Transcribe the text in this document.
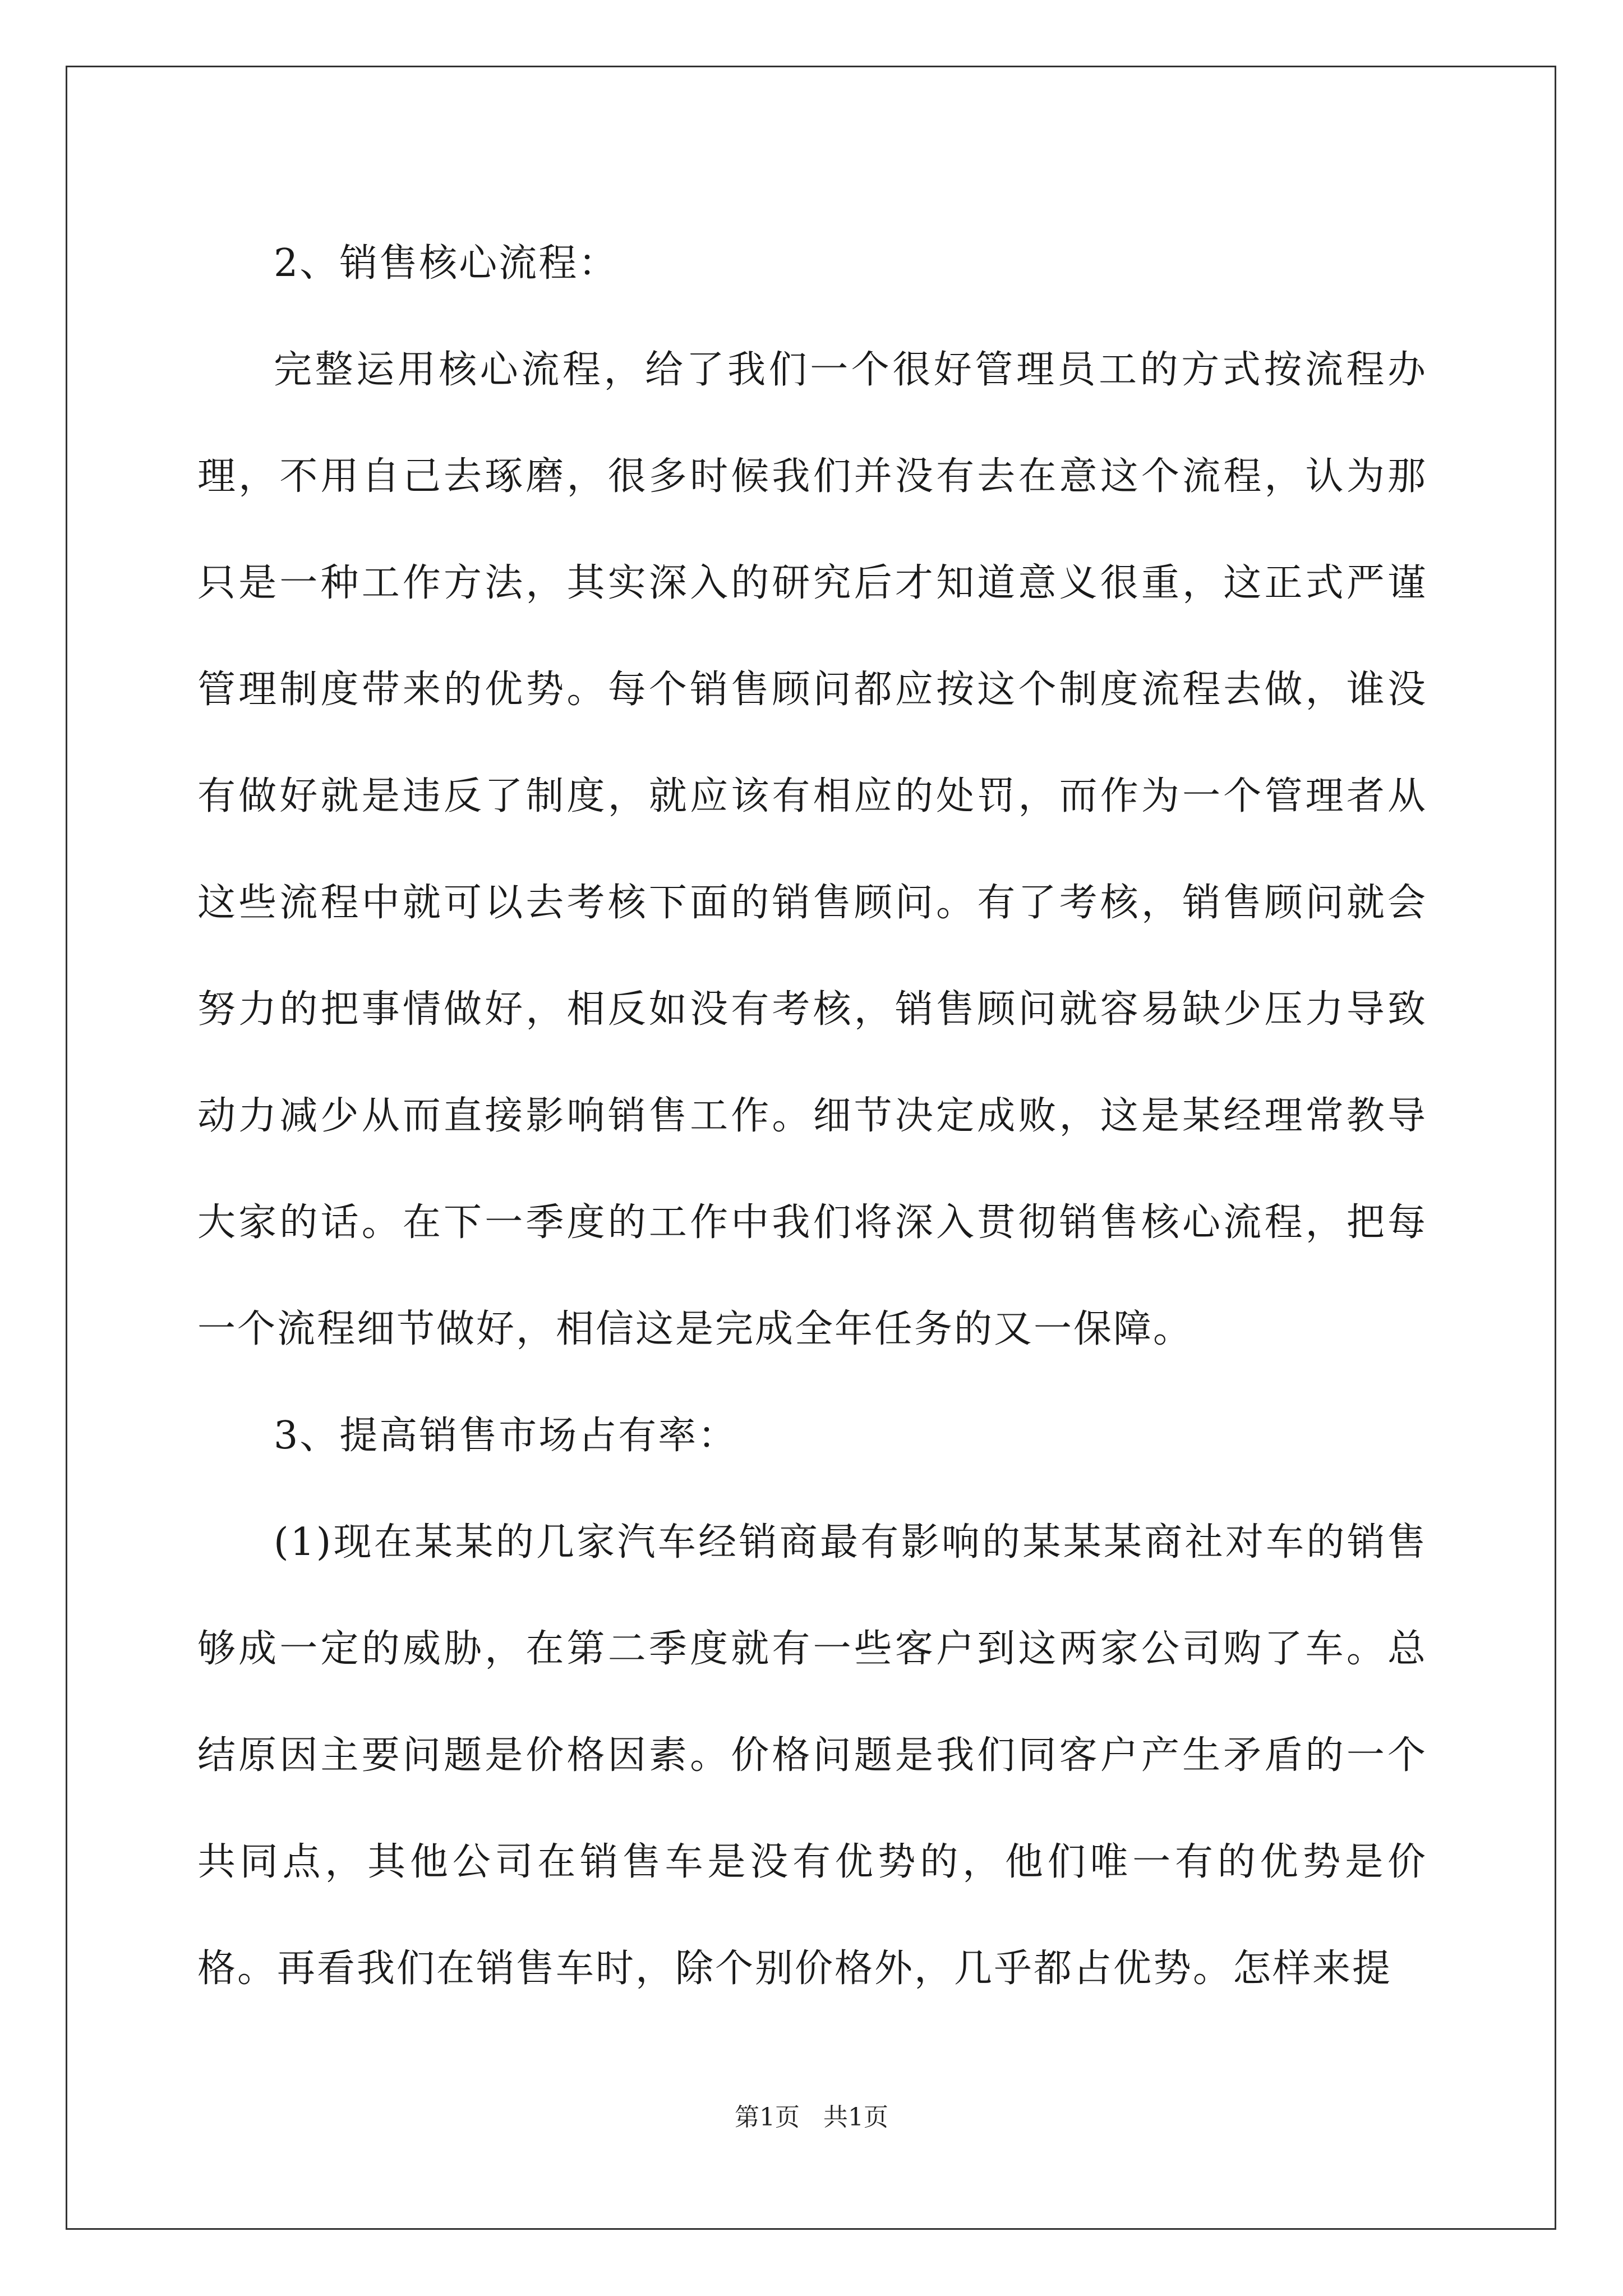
2、销售核心流程：

完整运用核心流程，给了我们一个很好管理员工的方式按流程办理，不用自己去琢磨，很多时候我们并没有去在意这个流程，认为那只是一种工作方法，其实深入的研究后才知道意义很重，这正式严谨管理制度带来的优势。每个销售顾问都应按这个制度流程去做，谁没有做好就是违反了制度，就应该有相应的处罚，而作为一个管理者从这些流程中就可以去考核下面的销售顾问。有了考核，销售顾问就会努力的把事情做好，相反如没有考核，销售顾问就容易缺少压力导致动力减少从而直接影响销售工作。细节决定成败，这是某经理常教导大家的话。在下一季度的工作中我们将深入贯彻销售核心流程，把每一个流程细节做好，相信这是完成全年任务的又一保障。

3、提高销售市场占有率：

(1)现在某某的几家汽车经销商最有影响的某某某商社对车的销售够成一定的威胁，在第二季度就有一些客户到这两家公司购了车。总结原因主要问题是价格因素。价格问题是我们同客户产生矛盾的一个共同点，其他公司在销售车是没有优势的，他们唯一有的优势是价格。再看我们在销售车时，除个别价格外，几乎都占优势。怎样来提

第1页   共1页
